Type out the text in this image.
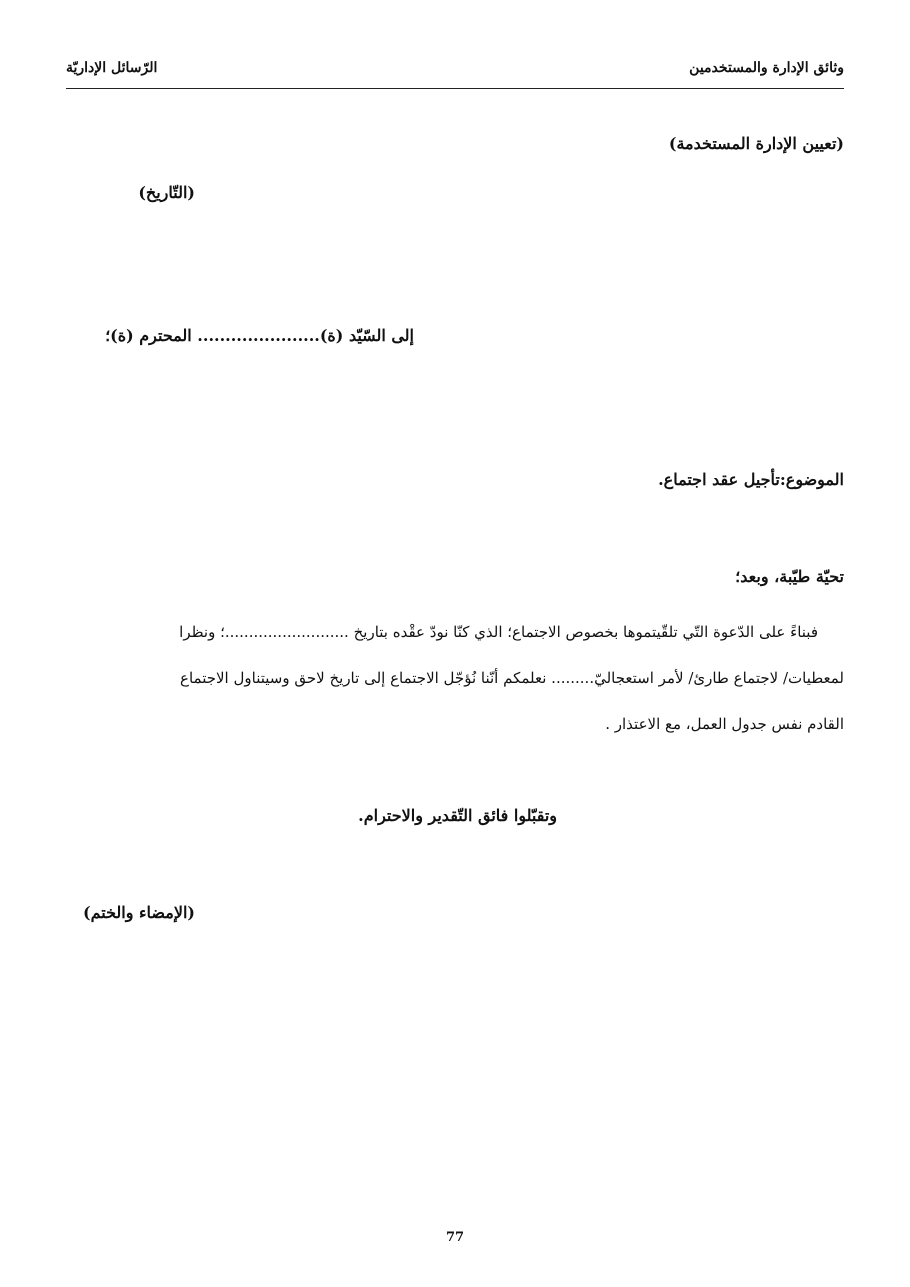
وثائق الإدارة والمستخدمين
الرّسائل الإداريّة
(تعيين الإدارة المستخدمة)
(التّاريخ)
إلى السّيّد (ة)...................... المحترم (ة)؛
الموضوع:تأجيل عقد اجتماع.
تحيّة طيّبة، وبعد؛
فبناءً على الدّعوة التّي تلقّيتموها بخصوص الاجتماع؛ الذي كنّا نودّ عقْده بتاريخ ..........................؛ ونظرا
لمعطيات/ لاجتماع طارئ/ لأمر استعجاليّ......... نعلمكم أنّنا نُؤجّل الاجتماع إلى تاريخ لاحق وسيتناول الاجتماع
القادم نفس جدول العمل، مع الاعتذار .
وتقبّلوا فائق التّقدير والاحترام.
(الإمضاء والختم)
77
